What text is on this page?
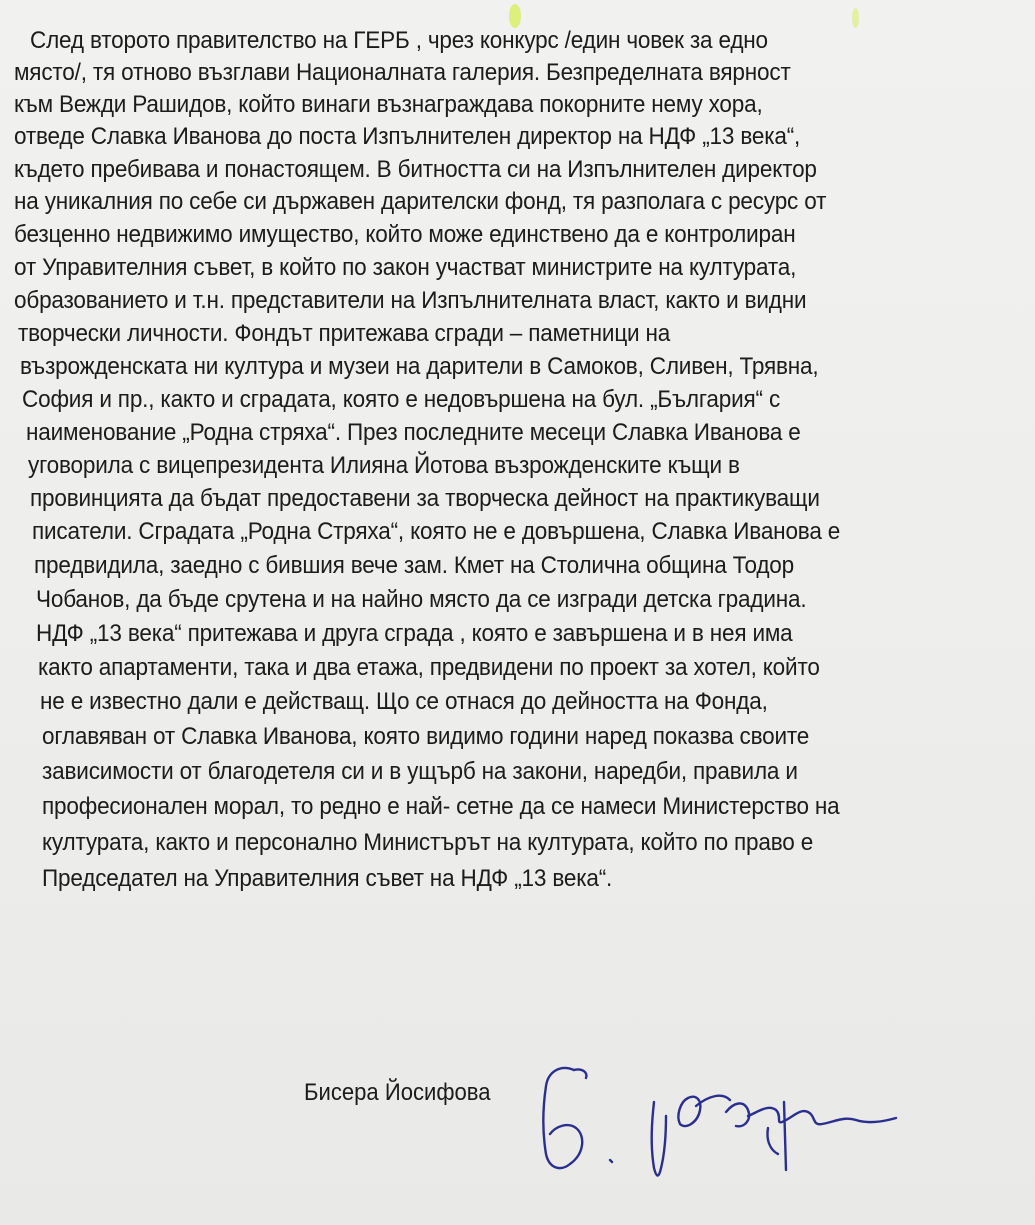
След второто правителство на ГЕРБ , чрез конкурс /един човек за едно
място/, тя отново възглави Националната галерия. Безпределната вярност
към Вежди Рашидов, който винаги възнаграждава покорните нему хора,
отведе Славка Иванова до поста Изпълнителен директор на НДФ „13 века“,
където пребивава и понастоящем. В битността си на Изпълнителен директор
на уникалния по себе си държавен дарителски фонд, тя разполага с ресурс от
безценно недвижимо имущество, който може единствено да е контролиран
от Управителния съвет, в който по закон участват министрите на културата,
образованието и т.н. представители на Изпълнителната власт, както и видни
творчески личности. Фондът притежава сгради – паметници на
възрожденската ни култура и музеи на дарители в Самоков, Сливен, Трявна,
София и пр., както и сградата, която е недовършена на бул. „България“ с
наименование „Родна стряха“. През последните месеци Славка Иванова е
уговорила с вицепрезидента Илияна Йотова възрожденските къщи в
провинцията да бъдат предоставени за творческа дейност на практикуващи
писатели. Сградата „Родна Стряха“, която не е довършена, Славка Иванова е
предвидила, заедно с бившия вече зам. Кмет на Столична община Тодор
Чобанов, да бъде срутена и на найно място да се изгради детска градина.
НДФ „13 века“ притежава и друга сграда , която е завършена и в нея има
както апартаменти, така и два етажа, предвидени по проект за хотел, който
не е известно дали е действащ. Що се отнася до дейността на Фонда,
оглавяван от Славка Иванова, която видимо години наред показва своите
зависимости от благодетеля си и в ущърб на закони, наредби, правила и
професионален морал, то редно е най- сетне да се намеси Министерство на
културата, както и персонално Министърът на културата, който по право е
Председател на Управителния съвет на НДФ „13 века“.
Бисера Йосифова
